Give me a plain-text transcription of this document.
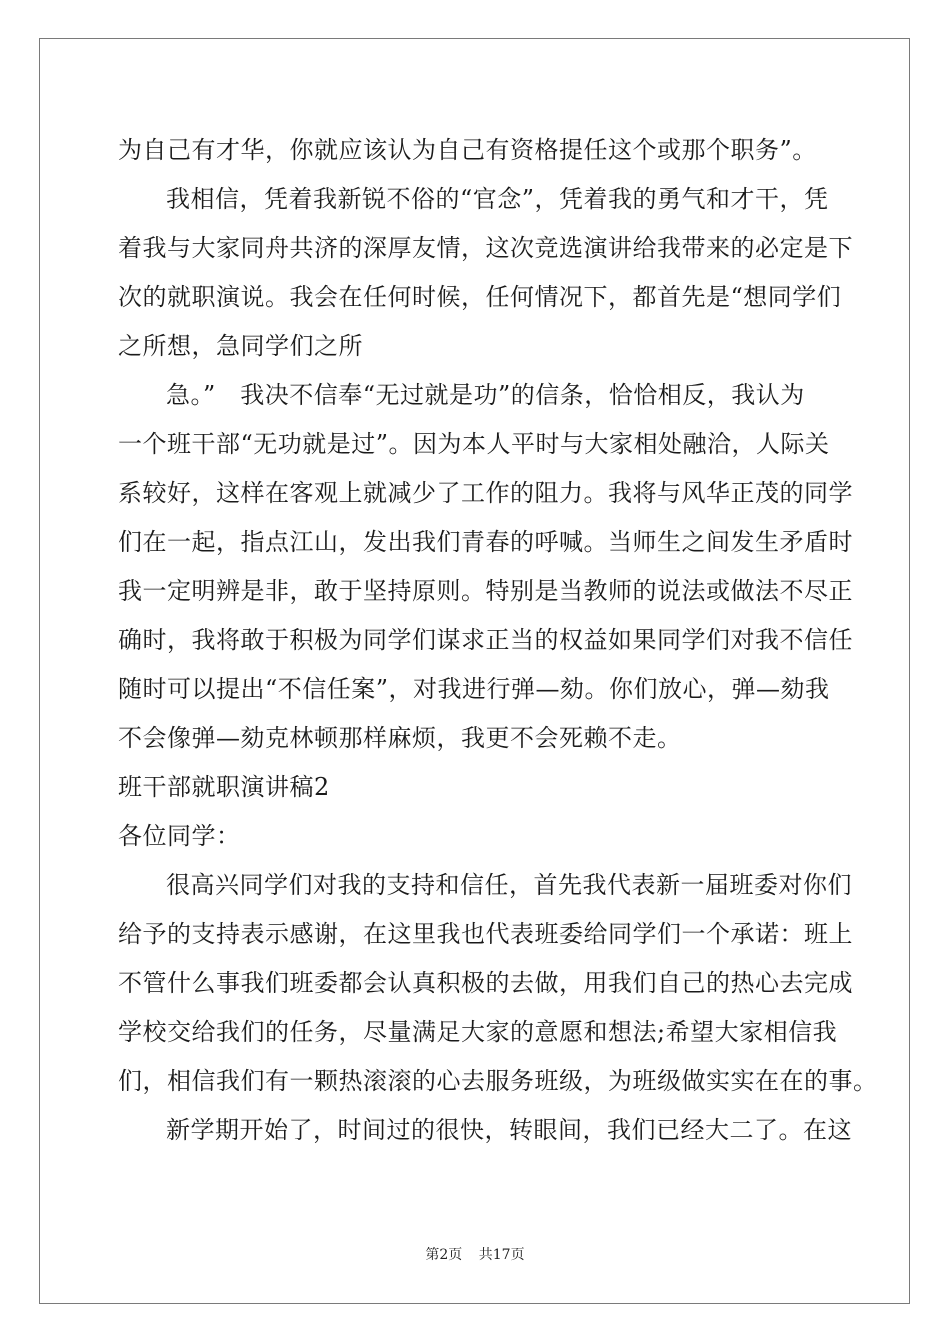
为自己有才华，你就应该认为自己有资格提任这个或那个职务”。
我相信，凭着我新锐不俗的“官念”，凭着我的勇气和才干，凭
着我与大家同舟共济的深厚友情，这次竞选演讲给我带来的必定是下
次的就职演说。我会在任何时候，任何情况下，都首先是“想同学们
之所想，急同学们之所
急。”　我决不信奉“无过就是功”的信条，恰恰相反，我认为
一个班干部“无功就是过”。因为本人平时与大家相处融洽，人际关
系较好，这样在客观上就减少了工作的阻力。我将与风华正茂的同学
们在一起，指点江山，发出我们青春的呼喊。当师生之间发生矛盾时
我一定明辨是非，敢于坚持原则。特别是当教师的说法或做法不尽正
确时，我将敢于积极为同学们谋求正当的权益如果同学们对我不信任
随时可以提出“不信任案”，对我进行弹—劾。你们放心，弹—劾我
不会像弹—劾克林顿那样麻烦，我更不会死赖不走。
班干部就职演讲稿2
各位同学：
很高兴同学们对我的支持和信任，首先我代表新一届班委对你们
给予的支持表示感谢，在这里我也代表班委给同学们一个承诺：班上
不管什么事我们班委都会认真积极的去做，用我们自己的热心去完成
学校交给我们的任务，尽量满足大家的意愿和想法;希望大家相信我
们，相信我们有一颗热滚滚的心去服务班级，为班级做实实在在的事。
新学期开始了，时间过的很快，转眼间，我们已经大二了。在这
第2页 共17页
